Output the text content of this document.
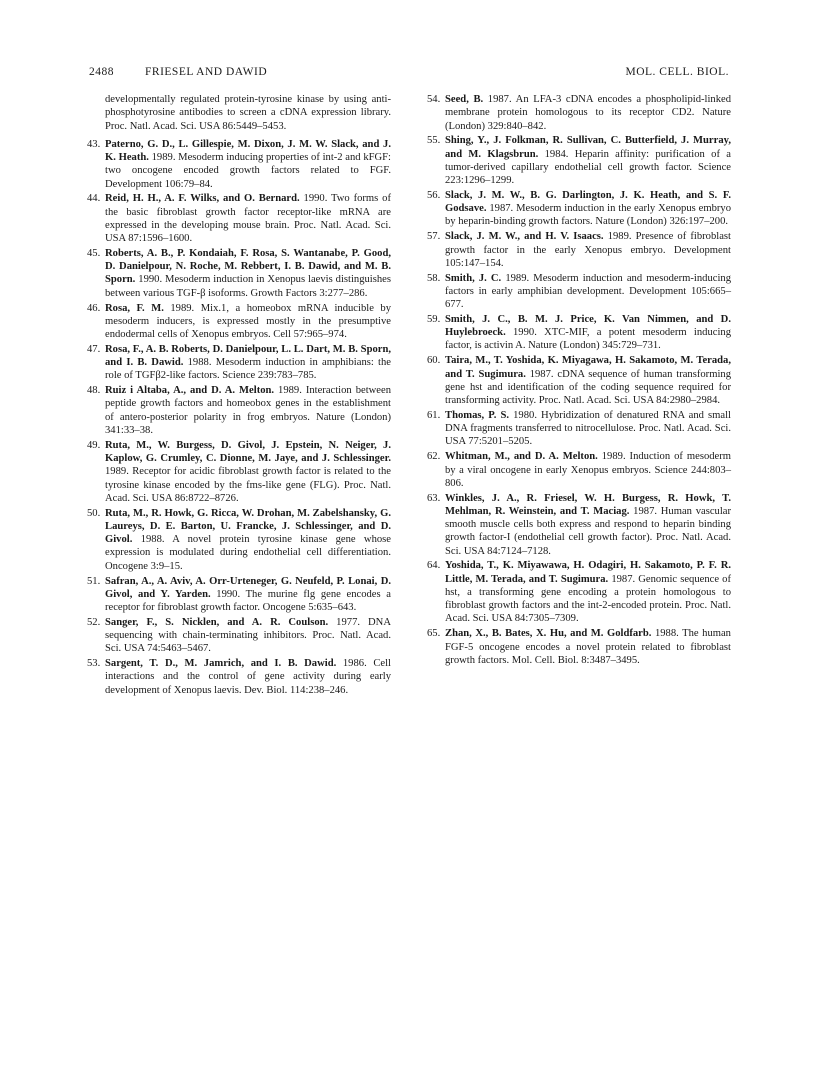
2488	FRIESEL AND DAWID	MOL. CELL. BIOL.
developmentally regulated protein-tyrosine kinase by using anti-phosphotyrosine antibodies to screen a cDNA expression library. Proc. Natl. Acad. Sci. USA 86:5449–5453.
43. Paterno, G. D., L. Gillespie, M. Dixon, J. M. W. Slack, and J. K. Heath. 1989. Mesoderm inducing properties of int-2 and kFGF: two oncogene encoded growth factors related to FGF. Development 106:79–84.
44. Reid, H. H., A. F. Wilks, and O. Bernard. 1990. Two forms of the basic fibroblast growth factor receptor-like mRNA are expressed in the developing mouse brain. Proc. Natl. Acad. Sci. USA 87:1596–1600.
45. Roberts, A. B., P. Kondaiah, F. Rosa, S. Wantanabe, P. Good, D. Danielpour, N. Roche, M. Rebbert, I. B. Dawid, and M. B. Sporn. 1990. Mesoderm induction in Xenopus laevis distinguishes between various TGF-β isoforms. Growth Factors 3:277–286.
46. Rosa, F. M. 1989. Mix.1, a homeobox mRNA inducible by mesoderm inducers, is expressed mostly in the presumptive endodermal cells of Xenopus embryos. Cell 57:965–974.
47. Rosa, F., A. B. Roberts, D. Danielpour, L. L. Dart, M. B. Sporn, and I. B. Dawid. 1988. Mesoderm induction in amphibians: the role of TGFβ2-like factors. Science 239:783–785.
48. Ruiz i Altaba, A., and D. A. Melton. 1989. Interaction between peptide growth factors and homeobox genes in the establishment of antero-posterior polarity in frog embryos. Nature (London) 341:33–38.
49. Ruta, M., W. Burgess, D. Givol, J. Epstein, N. Neiger, J. Kaplow, G. Crumley, C. Dionne, M. Jaye, and J. Schlessinger. 1989. Receptor for acidic fibroblast growth factor is related to the tyrosine kinase encoded by the fms-like gene (FLG). Proc. Natl. Acad. Sci. USA 86:8722–8726.
50. Ruta, M., R. Howk, G. Ricca, W. Drohan, M. Zabelshansky, G. Laureys, D. E. Barton, U. Francke, J. Schlessinger, and D. Givol. 1988. A novel protein tyrosine kinase gene whose expression is modulated during endothelial cell differentiation. Oncogene 3:9–15.
51. Safran, A., A. Aviv, A. Orr-Urteneger, G. Neufeld, P. Lonai, D. Givol, and Y. Yarden. 1990. The murine flg gene encodes a receptor for fibroblast growth factor. Oncogene 5:635–643.
52. Sanger, F., S. Nicklen, and A. R. Coulson. 1977. DNA sequencing with chain-terminating inhibitors. Proc. Natl. Acad. Sci. USA 74:5463–5467.
53. Sargent, T. D., M. Jamrich, and I. B. Dawid. 1986. Cell interactions and the control of gene activity during early development of Xenopus laevis. Dev. Biol. 114:238–246.
54. Seed, B. 1987. An LFA-3 cDNA encodes a phospholipid-linked membrane protein homologous to its receptor CD2. Nature (London) 329:840–842.
55. Shing, Y., J. Folkman, R. Sullivan, C. Butterfield, J. Murray, and M. Klagsbrun. 1984. Heparin affinity: purification of a tumor-derived capillary endothelial cell growth factor. Science 223:1296–1299.
56. Slack, J. M. W., B. G. Darlington, J. K. Heath, and S. F. Godsave. 1987. Mesoderm induction in the early Xenopus embryo by heparin-binding growth factors. Nature (London) 326:197–200.
57. Slack, J. M. W., and H. V. Isaacs. 1989. Presence of fibroblast growth factor in the early Xenopus embryo. Development 105:147–154.
58. Smith, J. C. 1989. Mesoderm induction and mesoderm-inducing factors in early amphibian development. Development 105:665–677.
59. Smith, J. C., B. M. J. Price, K. Van Nimmen, and D. Huylebroeck. 1990. XTC-MIF, a potent mesoderm inducing factor, is activin A. Nature (London) 345:729–731.
60. Taira, M., T. Yoshida, K. Miyagawa, H. Sakamoto, M. Terada, and T. Sugimura. 1987. cDNA sequence of human transforming gene hst and identification of the coding sequence required for transforming activity. Proc. Natl. Acad. Sci. USA 84:2980–2984.
61. Thomas, P. S. 1980. Hybridization of denatured RNA and small DNA fragments transferred to nitrocellulose. Proc. Natl. Acad. Sci. USA 77:5201–5205.
62. Whitman, M., and D. A. Melton. 1989. Induction of mesoderm by a viral oncogene in early Xenopus embryos. Science 244:803–806.
63. Winkles, J. A., R. Friesel, W. H. Burgess, R. Howk, T. Mehlman, R. Weinstein, and T. Maciag. 1987. Human vascular smooth muscle cells both express and respond to heparin binding growth factor-I (endothelial cell growth factor). Proc. Natl. Acad. Sci. USA 84:7124–7128.
64. Yoshida, T., K. Miyawawa, H. Odagiri, H. Sakamoto, P. F. R. Little, M. Terada, and T. Sugimura. 1987. Genomic sequence of hst, a transforming gene encoding a protein homologous to fibroblast growth factors and the int-2-encoded protein. Proc. Natl. Acad. Sci. USA 84:7305–7309.
65. Zhan, X., B. Bates, X. Hu, and M. Goldfarb. 1988. The human FGF-5 oncogene encodes a novel protein related to fibroblast growth factors. Mol. Cell. Biol. 8:3487–3495.
